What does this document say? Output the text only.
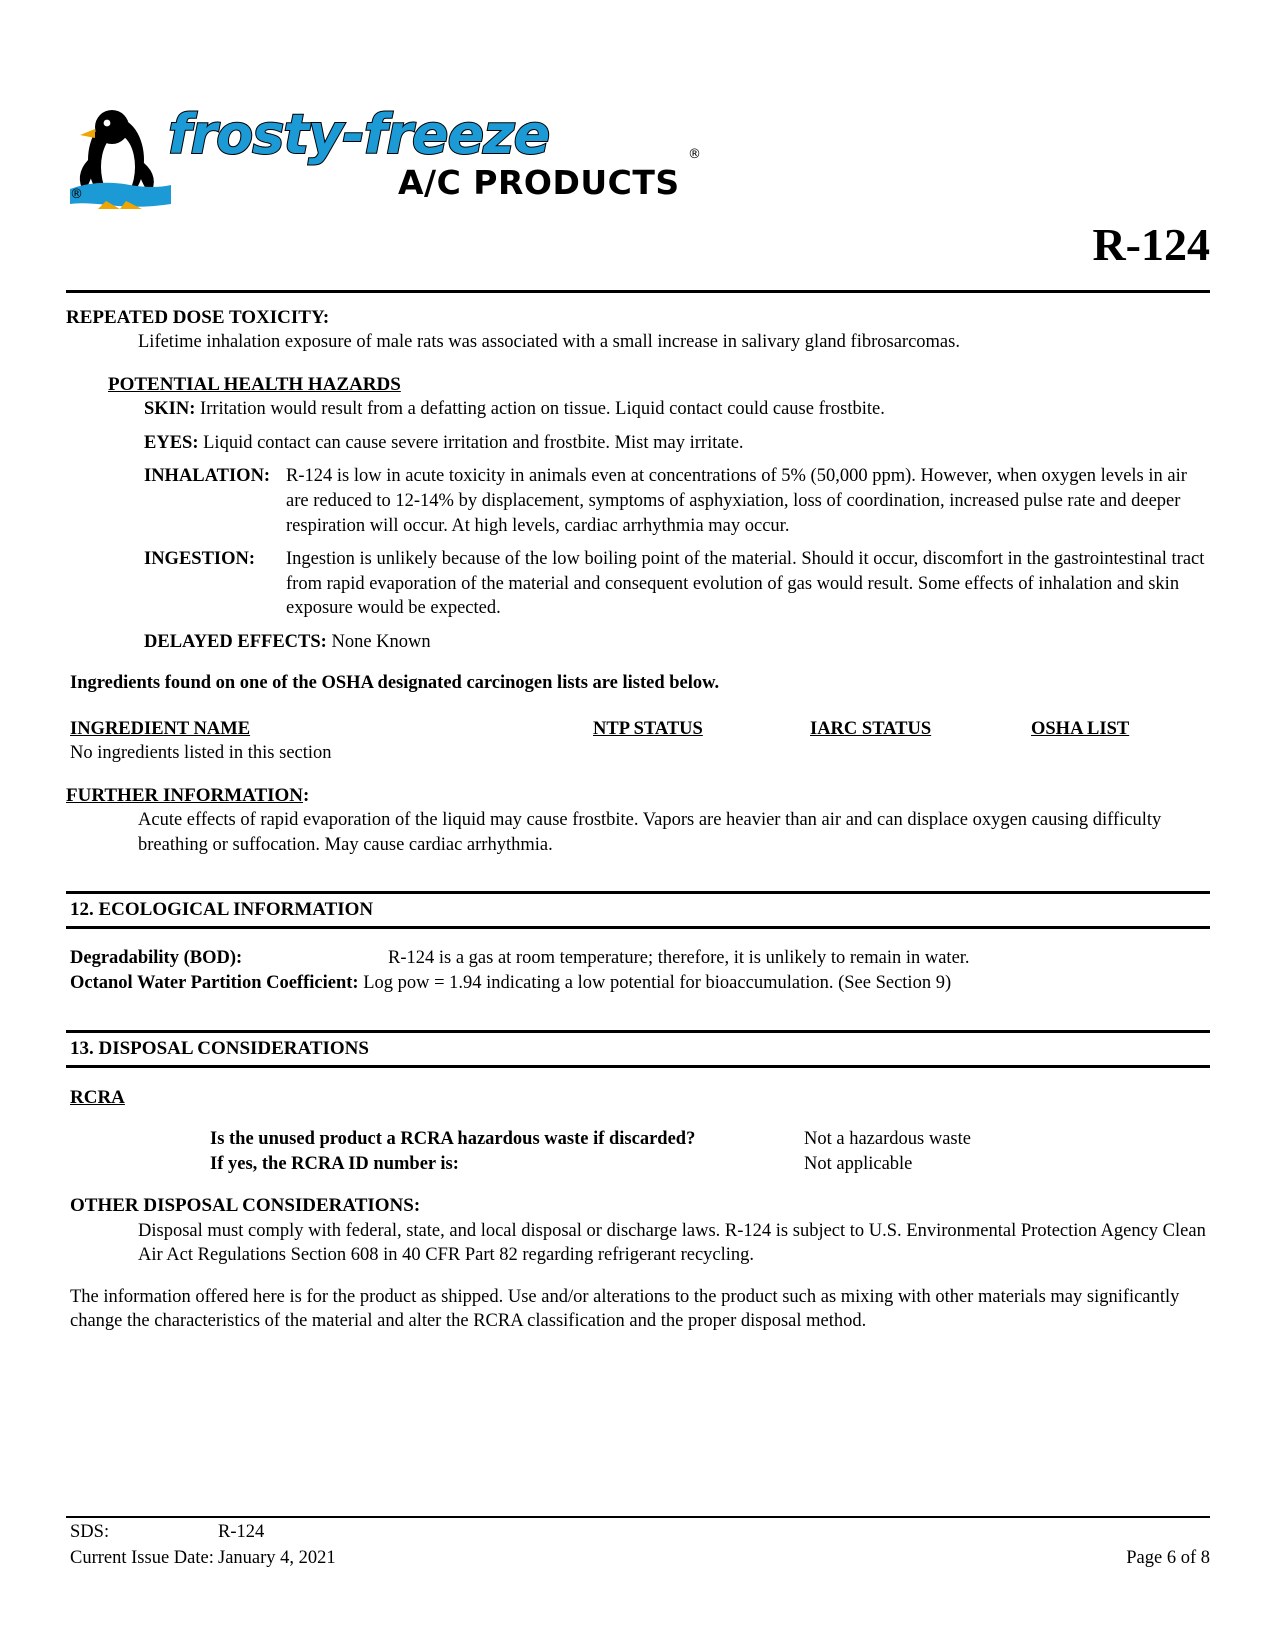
frosty-freeze	®
®	A/C PRODUCTS
R-124
REPEATED DOSE TOXICITY:
Lifetime inhalation exposure of male rats was associated with a small increase in salivary gland fibrosarcomas.
POTENTIAL HEALTH HAZARDS
SKIN: Irritation would result from a defatting action on tissue. Liquid contact could cause frostbite.
EYES: Liquid contact can cause severe irritation and frostbite. Mist may irritate.
INHALATION: R-124 is low in acute toxicity in animals even at concentrations of 5% (50,000 ppm). However, when oxygen levels in air are reduced to 12-14% by displacement, symptoms of asphyxiation, loss of coordination, increased pulse rate and deeper respiration will occur. At high levels, cardiac arrhythmia may occur.
INGESTION:	Ingestion is unlikely because of the low boiling point of the material. Should it occur, discomfort in the gastrointestinal tract from rapid evaporation of the material and consequent evolution of gas would result. Some effects of inhalation and skin exposure would be expected.
DELAYED EFFECTS: None Known
Ingredients found on one of the OSHA designated carcinogen lists are listed below.
INGREDIENT NAME	NTP STATUS	IARC STATUS	OSHA LIST
No ingredients listed in this section
FURTHER INFORMATION:
Acute effects of rapid evaporation of the liquid may cause frostbite. Vapors are heavier than air and can displace oxygen causing difficulty breathing or suffocation. May cause cardiac arrhythmia.
12. ECOLOGICAL INFORMATION
Degradability (BOD):	R-124 is a gas at room temperature; therefore, it is unlikely to remain in water.
Octanol Water Partition Coefficient: Log pow = 1.94 indicating a low potential for bioaccumulation. (See Section 9)
13. DISPOSAL CONSIDERATIONS
RCRA
Is the unused product a RCRA hazardous waste if discarded?	Not a hazardous waste
If yes, the RCRA ID number is:	Not applicable
OTHER DISPOSAL CONSIDERATIONS:
Disposal must comply with federal, state, and local disposal or discharge laws. R-124 is subject to U.S. Environmental Protection Agency Clean Air Act Regulations Section 608 in 40 CFR Part 82 regarding refrigerant recycling.
The information offered here is for the product as shipped. Use and/or alterations to the product such as mixing with other materials may significantly change the characteristics of the material and alter the RCRA classification and the proper disposal method.
SDS:	R-124
Current Issue Date: January 4, 2021	Page 6 of 8
